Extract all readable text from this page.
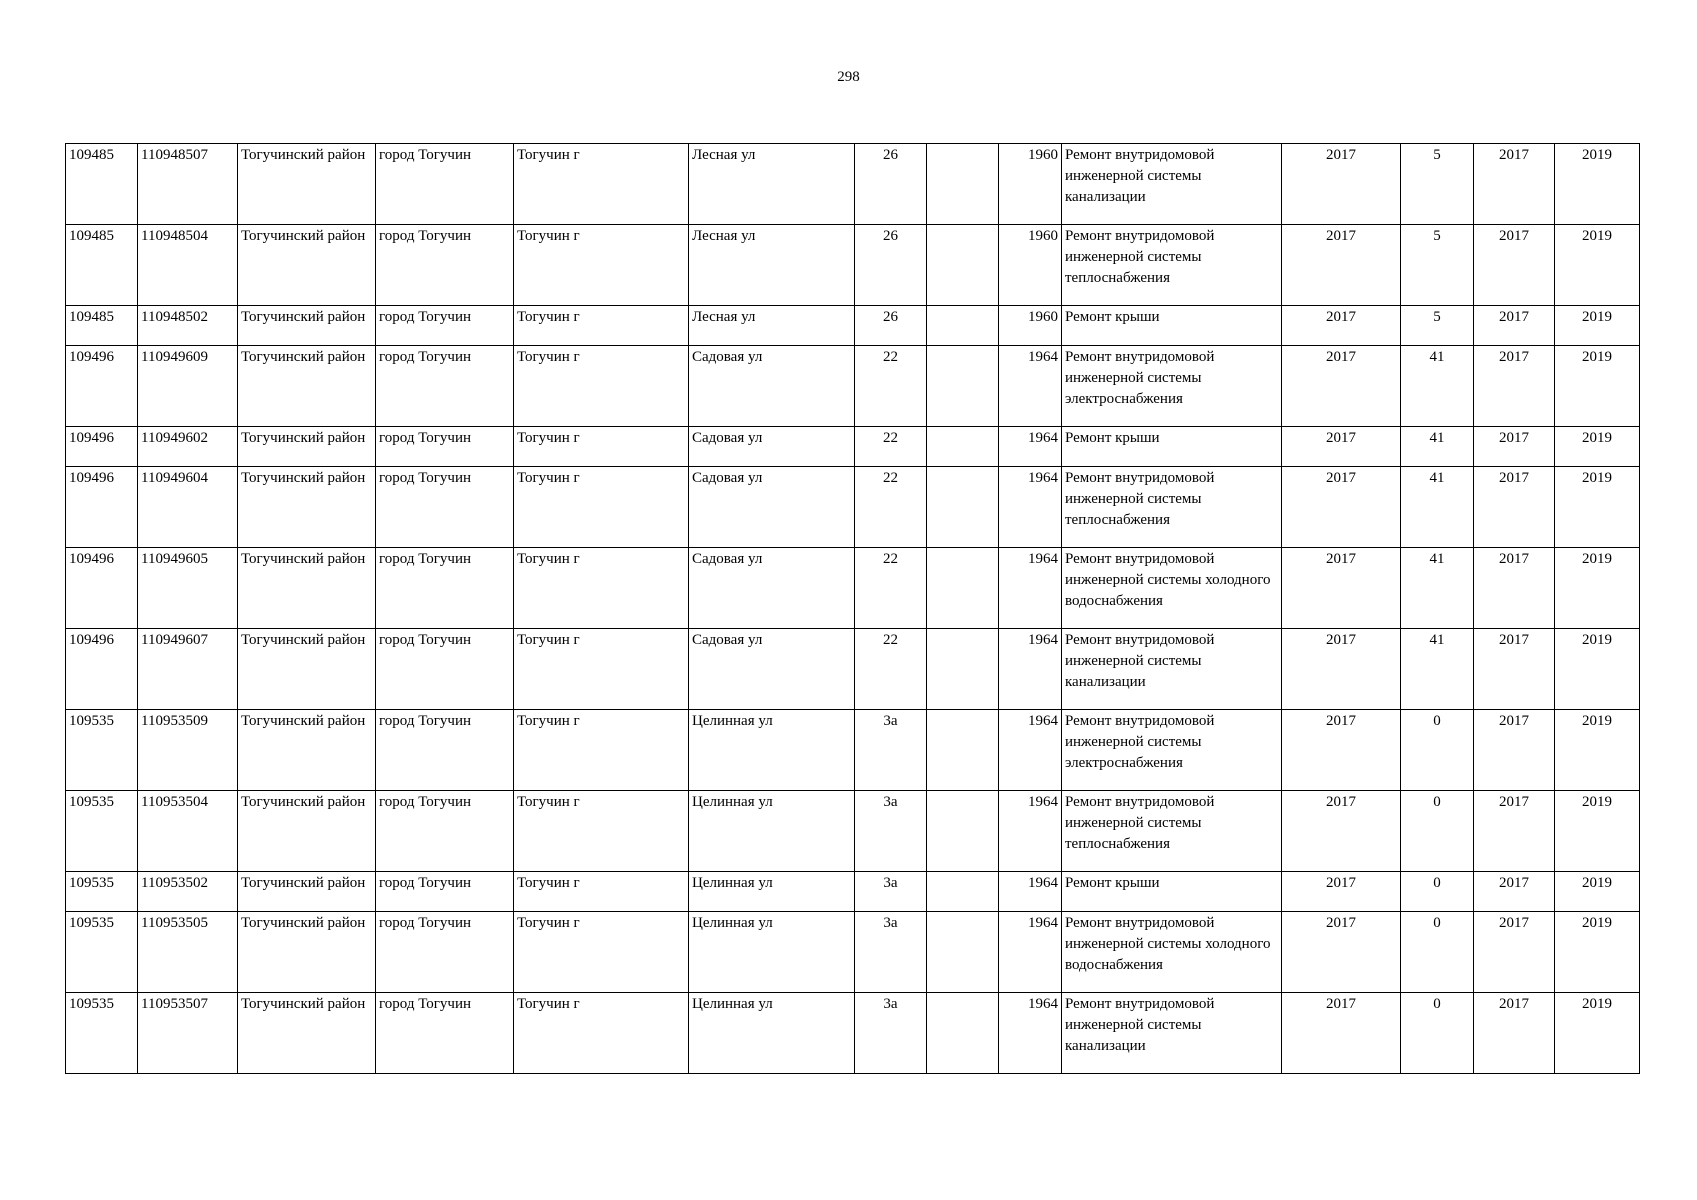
298
109485	110948507	Тогучинский район	город Тогучин	Тогучин г	Лесная ул	26		1960	Ремонт внутридомовой инженерной системы канализации	2017	5	2017	2019
109485	110948504	Тогучинский район	город Тогучин	Тогучин г	Лесная ул	26		1960	Ремонт внутридомовой инженерной системы теплоснабжения	2017	5	2017	2019
109485	110948502	Тогучинский район	город Тогучин	Тогучин г	Лесная ул	26		1960	Ремонт крыши	2017	5	2017	2019
109496	110949609	Тогучинский район	город Тогучин	Тогучин г	Садовая ул	22		1964	Ремонт внутридомовой инженерной системы электроснабжения	2017	41	2017	2019
109496	110949602	Тогучинский район	город Тогучин	Тогучин г	Садовая ул	22		1964	Ремонт крыши	2017	41	2017	2019
109496	110949604	Тогучинский район	город Тогучин	Тогучин г	Садовая ул	22		1964	Ремонт внутридомовой инженерной системы теплоснабжения	2017	41	2017	2019
109496	110949605	Тогучинский район	город Тогучин	Тогучин г	Садовая ул	22		1964	Ремонт внутридомовой инженерной системы холодного водоснабжения	2017	41	2017	2019
109496	110949607	Тогучинский район	город Тогучин	Тогучин г	Садовая ул	22		1964	Ремонт внутридомовой инженерной системы канализации	2017	41	2017	2019
109535	110953509	Тогучинский район	город Тогучин	Тогучин г	Целинная ул	3а		1964	Ремонт внутридомовой инженерной системы электроснабжения	2017	0	2017	2019
109535	110953504	Тогучинский район	город Тогучин	Тогучин г	Целинная ул	3а		1964	Ремонт внутридомовой инженерной системы теплоснабжения	2017	0	2017	2019
109535	110953502	Тогучинский район	город Тогучин	Тогучин г	Целинная ул	3а		1964	Ремонт крыши	2017	0	2017	2019
109535	110953505	Тогучинский район	город Тогучин	Тогучин г	Целинная ул	3а		1964	Ремонт внутридомовой инженерной системы холодного водоснабжения	2017	0	2017	2019
109535	110953507	Тогучинский район	город Тогучин	Тогучин г	Целинная ул	3а		1964	Ремонт внутридомовой инженерной системы канализации	2017	0	2017	2019
